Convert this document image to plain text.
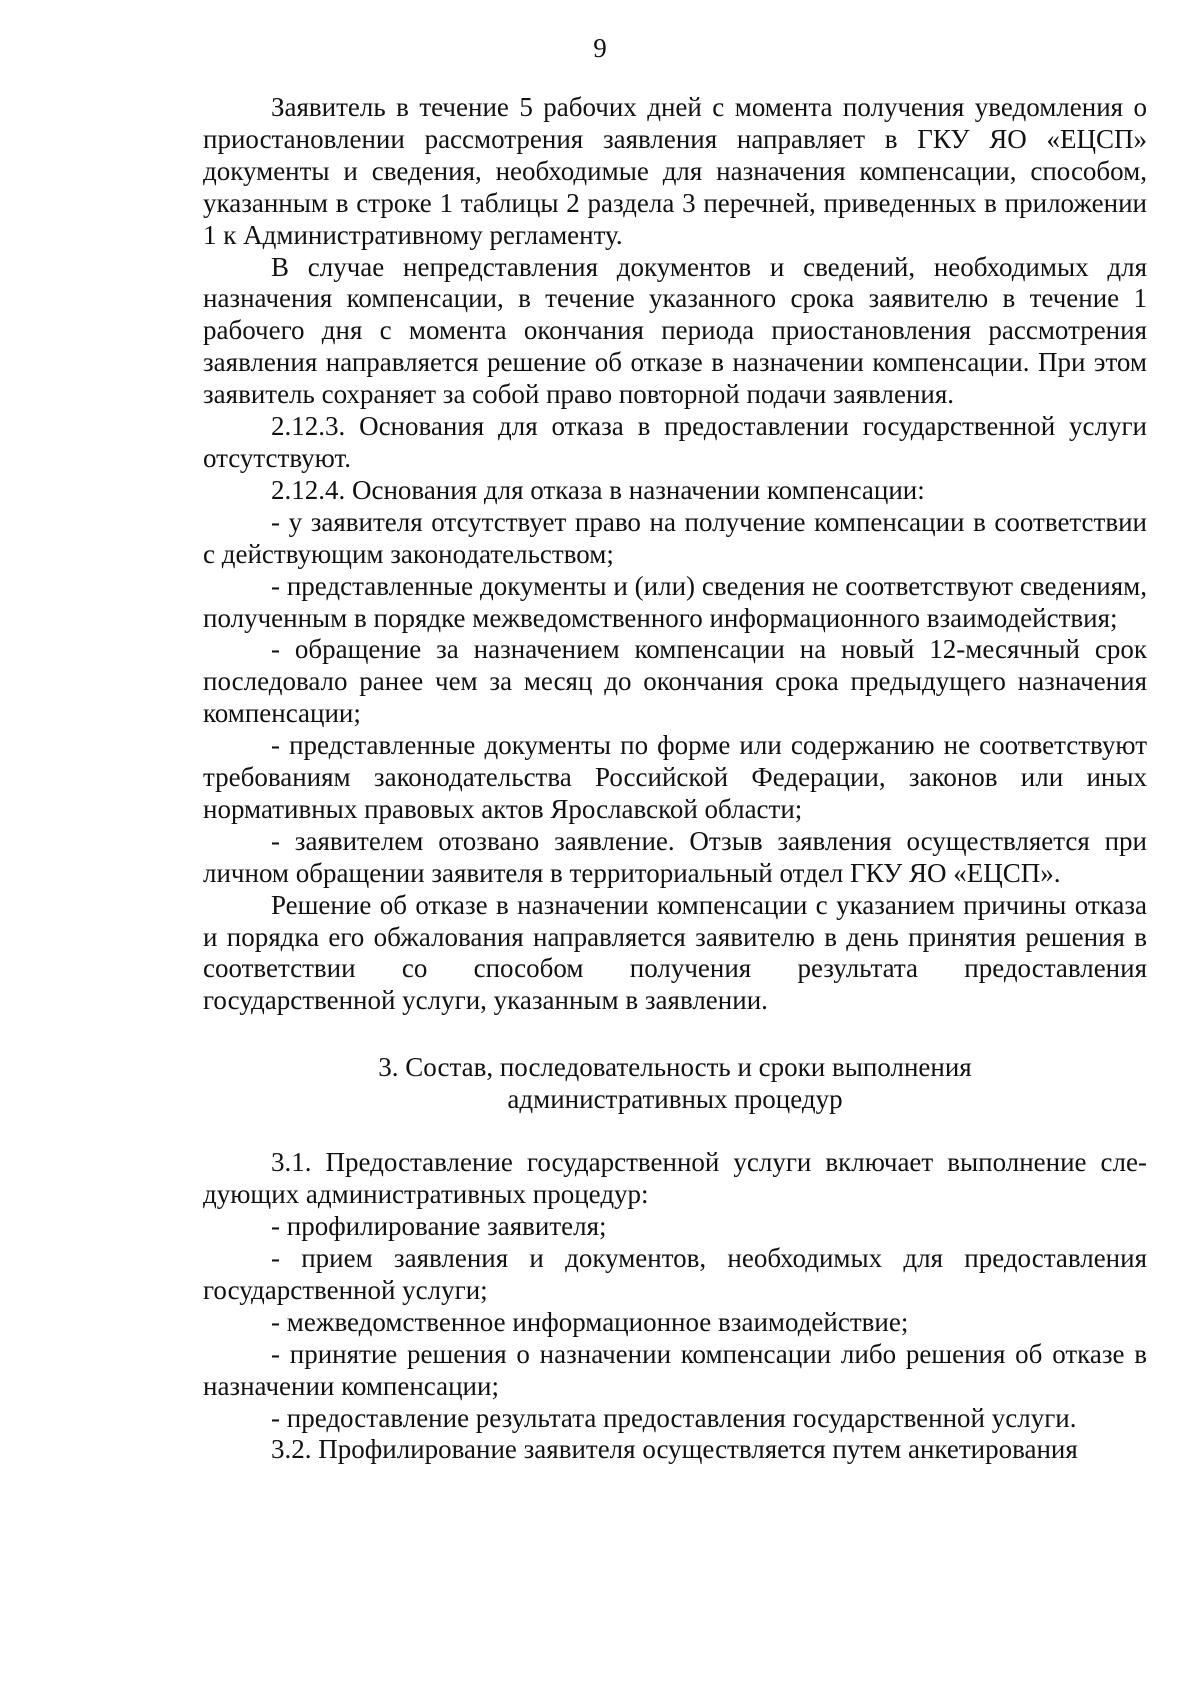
9

Заявитель в течение 5 рабочих дней с момента получения уведомления о приостановлении рассмотрения заявления направляет в ГКУ ЯО «ЕЦСП» документы и сведения, необходимые для назначения компенсации, способом, указанным в строке 1 таблицы 2 раздела 3 перечней, приведенных в приложении 1 к Административному регламенту.

В случае непредставления документов и сведений, необходимых для назначения компенсации, в течение указанного срока заявителю в течение 1 рабочего дня с момента окончания периода приостановления рассмотрения заявления направляется решение об отказе в назначении компенсации. При этом заявитель сохраняет за собой право повторной подачи заявления.

2.12.3. Основания для отказа в предоставлении государственной услуги отсутствуют.

2.12.4. Основания для отказа в назначении компенсации:

- у заявителя отсутствует право на получение компенсации в соответствии с действующим законодательством;

- представленные документы и (или) сведения не соответствуют сведениям, полученным в порядке межведомственного информационного взаимодействия;

- обращение за назначением компенсации на новый 12-месячный срок последовало ранее чем за месяц до окончания срока предыдущего назначения компенсации;

- представленные документы по форме или содержанию не соответствуют требованиям законодательства Российской Федерации, законов или иных нормативных правовых актов Ярославской области;

- заявителем отозвано заявление. Отзыв заявления осуществляется при личном обращении заявителя в территориальный отдел ГКУ ЯО «ЕЦСП».

Решение об отказе в назначении компенсации с указанием причины отказа и порядка его обжалования направляется заявителю в день принятия решения в соответствии со способом получения результата предоставления государственной услуги, указанным в заявлении.

3. Состав, последовательность и сроки выполнения
административных процедур

3.1. Предоставление государственной услуги включает выполнение следующих административных процедур:

- профилирование заявителя;

- прием заявления и документов, необходимых для предоставления государственной услуги;

- межведомственное информационное взаимодействие;

- принятие решения о назначении компенсации либо решения об отказе в назначении компенсации;

- предоставление результата предоставления государственной услуги.

3.2. Профилирование заявителя осуществляется путем анкетирования
